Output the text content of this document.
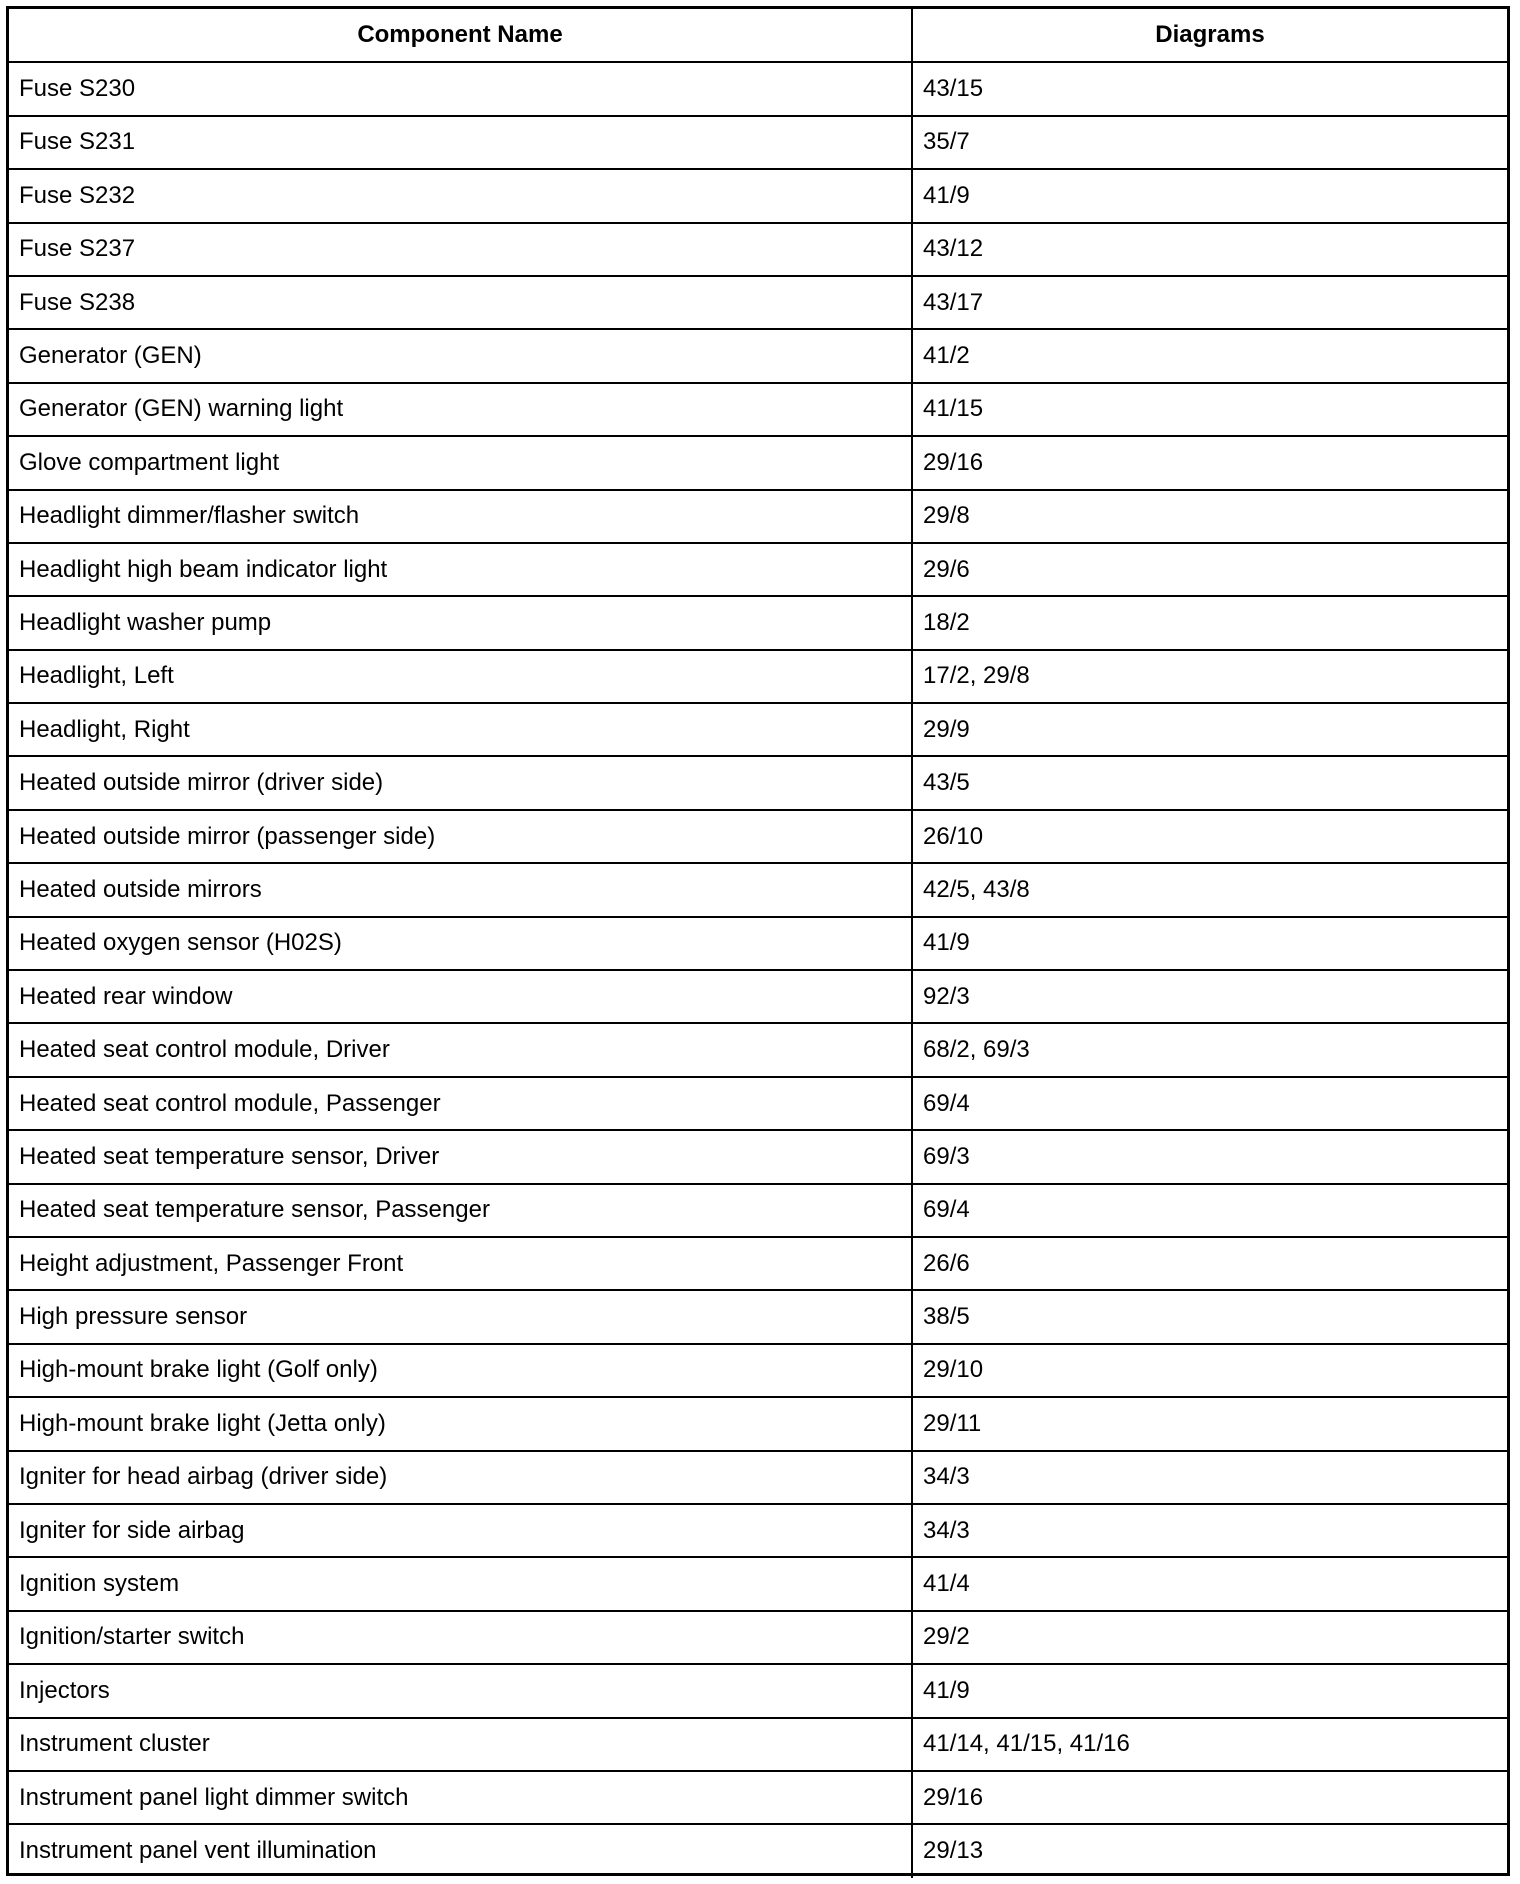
Component Name	Diagrams
Fuse S230	43/15
Fuse S231	35/7
Fuse S232	41/9
Fuse S237	43/12
Fuse S238	43/17
Generator (GEN)	41/2
Generator (GEN) warning light	41/15
Glove compartment light	29/16
Headlight dimmer/flasher switch	29/8
Headlight high beam indicator light	29/6
Headlight washer pump	18/2
Headlight, Left	17/2, 29/8
Headlight, Right	29/9
Heated outside mirror (driver side)	43/5
Heated outside mirror (passenger side)	26/10
Heated outside mirrors	42/5, 43/8
Heated oxygen sensor (H02S)	41/9
Heated rear window	92/3
Heated seat control module, Driver	68/2, 69/3
Heated seat control module, Passenger	69/4
Heated seat temperature sensor, Driver	69/3
Heated seat temperature sensor, Passenger	69/4
Height adjustment, Passenger Front	26/6
High pressure sensor	38/5
High-mount brake light (Golf only)	29/10
High-mount brake light (Jetta only)	29/11
Igniter for head airbag (driver side)	34/3
Igniter for side airbag	34/3
Ignition system	41/4
Ignition/starter switch	29/2
Injectors	41/9
Instrument cluster	41/14, 41/15, 41/16
Instrument panel light dimmer switch	29/16
Instrument panel vent illumination	29/13
